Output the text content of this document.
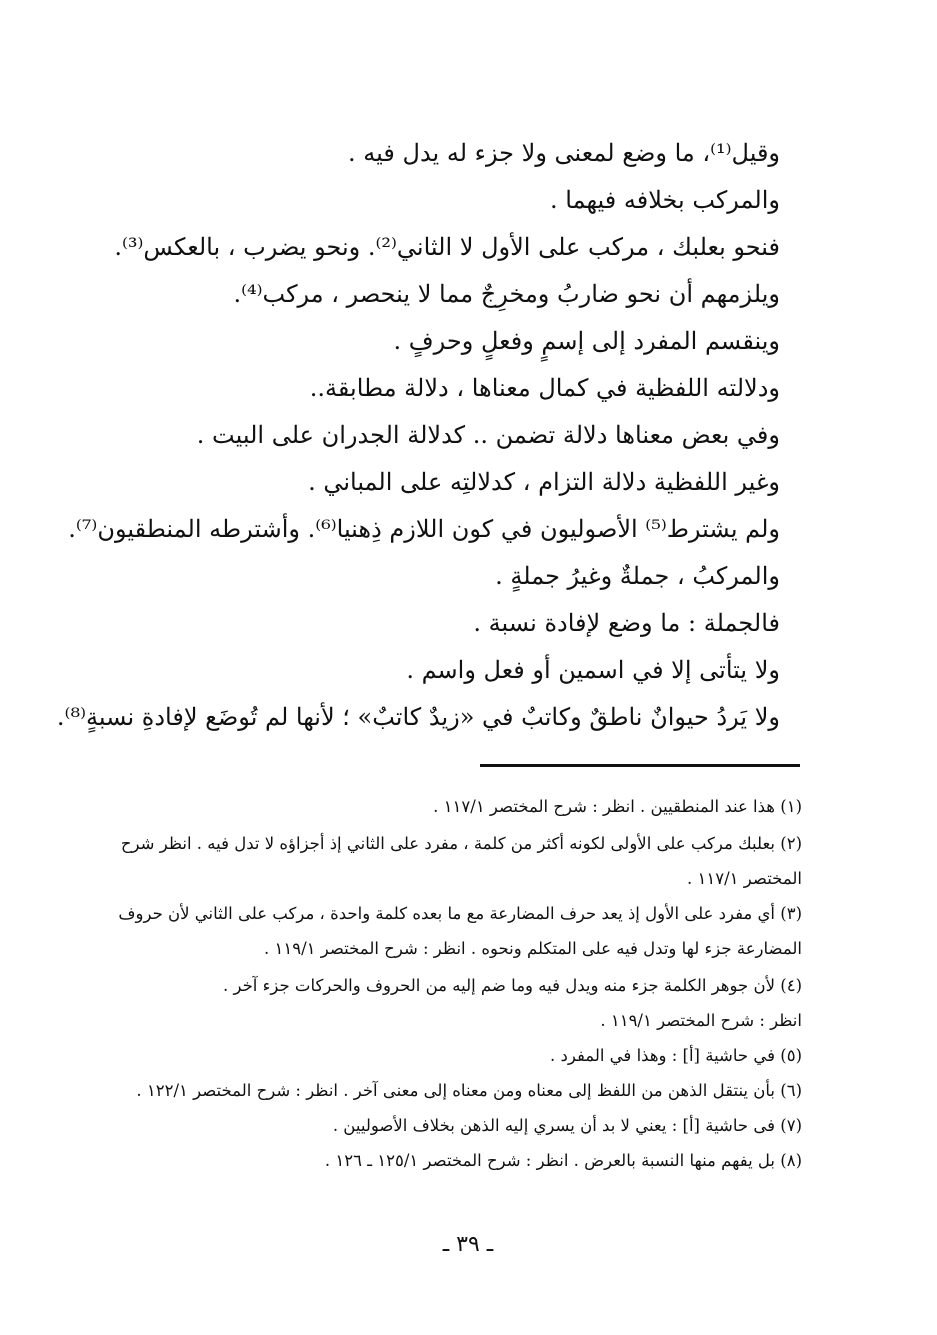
وقيل⁽¹⁾، ما وضع لمعنى ولا جزء له يدل فيه .
والمركب بخلافه فيهما .
فنحو بعلبك ، مركب على الأول لا الثاني⁽²⁾. ونحو يضرب ، بالعكس⁽³⁾.
ويلزمهم أن نحو ضاربُ ومخرِجٌ مما لا ينحصر ، مركب⁽⁴⁾.
وينقسم المفرد إلى إسمٍ وفعلٍ وحرفٍ .
ودلالته اللفظية في كمال معناها ، دلالة مطابقة..
وفي بعض معناها دلالة تضمن .. كدلالة الجدران على البيت .
وغير اللفظية دلالة التزام ، كدلالتِه على المباني .
ولم يشترط⁽⁵⁾ الأصوليون في كون اللازم ذِهنيا⁽⁶⁾. وأشترطه المنطقيون⁽⁷⁾.
والمركبُ ، جملةٌ وغيرُ جملةٍ .
فالجملة : ما وضع لإفادة نسبة .
ولا يتأتى إلا في اسمين أو فعل واسم .
ولا يَردُ حيوانٌ ناطقٌ وكاتبٌ في «زيدٌ كاتبٌ» ؛ لأنها لم تُوضَع لإفادةِ نسبةٍ⁽⁸⁾.
(١) هذا عند المنطقيين . انظر : شرح المختصر ١١٧/١ .
(٢) بعلبك مركب على الأولى لكونه أكثر من كلمة ، مفرد على الثاني إذ أجزاؤه لا تدل فيه . انظر شرح
المختصر ١١٧/١ .
(٣) أي مفرد على الأول إذ يعد حرف المضارعة مع ما بعده كلمة واحدة ، مركب على الثاني لأن حروف
المضارعة جزء لها وتدل فيه على المتكلم ونحوه . انظر : شرح المختصر ١١٩/١ .
(٤) لأن جوهر الكلمة جزء منه ويدل فيه وما ضم إليه من الحروف والحركات جزء آخر .
انظر : شرح المختصر ١١٩/١ .
(٥) في حاشية [أ] : وهذا في المفرد .
(٦) بأن ينتقل الذهن من اللفظ إلى معناه ومن معناه إلى معنى آخر . انظر : شرح المختصر ١٢٢/١ .
(٧) فى حاشية [أ] : يعني لا بد أن يسري إليه الذهن بخلاف الأصوليين .
(٨) بل يفهم منها النسبة بالعرض . انظر : شرح المختصر ١٢٥/١ ـ ١٢٦ .
ـ ٣٩ ـ
